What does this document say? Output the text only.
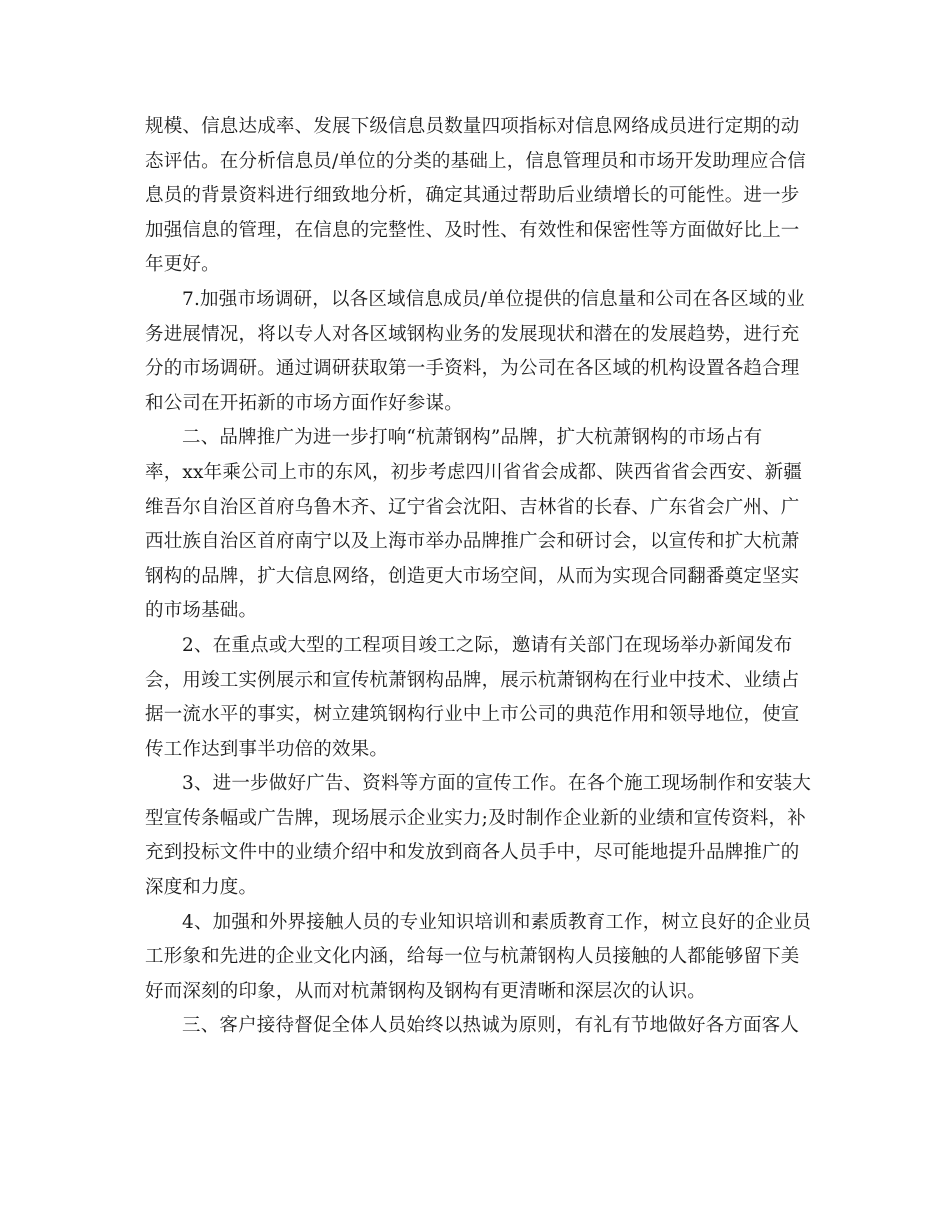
规模、信息达成率、发展下级信息员数量四项指标对信息网络成员进行定期的动
态评估。在分析信息员/单位的分类的基础上，信息管理员和市场开发助理应合信
息员的背景资料进行细致地分析，确定其通过帮助后业绩增长的可能性。进一步
加强信息的管理，在信息的完整性、及时性、有效性和保密性等方面做好比上一
年更好。
7.加强市场调研，以各区域信息成员/单位提供的信息量和公司在各区域的业
务进展情况，将以专人对各区域钢构业务的发展现状和潜在的发展趋势，进行充
分的市场调研。通过调研获取第一手资料，为公司在各区域的机构设置各趋合理
和公司在开拓新的市场方面作好参谋。
二、品牌推广为进一步打响“杭萧钢构”品牌，扩大杭萧钢构的市场占有
率，xx年乘公司上市的东风，初步考虑四川省省会成都、陕西省省会西安、新疆
维吾尔自治区首府乌鲁木齐、辽宁省会沈阳、吉林省的长春、广东省会广州、广
西壮族自治区首府南宁以及上海市举办品牌推广会和研讨会，以宣传和扩大杭萧
钢构的品牌，扩大信息网络，创造更大市场空间，从而为实现合同翻番奠定坚实
的市场基础。
2、在重点或大型的工程项目竣工之际，邀请有关部门在现场举办新闻发布
会，用竣工实例展示和宣传杭萧钢构品牌，展示杭萧钢构在行业中技术、业绩占
据一流水平的事实，树立建筑钢构行业中上市公司的典范作用和领导地位，使宣
传工作达到事半功倍的效果。
3、进一步做好广告、资料等方面的宣传工作。在各个施工现场制作和安装大
型宣传条幅或广告牌，现场展示企业实力;及时制作企业新的业绩和宣传资料，补
充到投标文件中的业绩介绍中和发放到商各人员手中，尽可能地提升品牌推广的
深度和力度。
4、加强和外界接触人员的专业知识培训和素质教育工作，树立良好的企业员
工形象和先进的企业文化内涵，给每一位与杭萧钢构人员接触的人都能够留下美
好而深刻的印象，从而对杭萧钢构及钢构有更清晰和深层次的认识。
三、客户接待督促全体人员始终以热诚为原则，有礼有节地做好各方面客人
